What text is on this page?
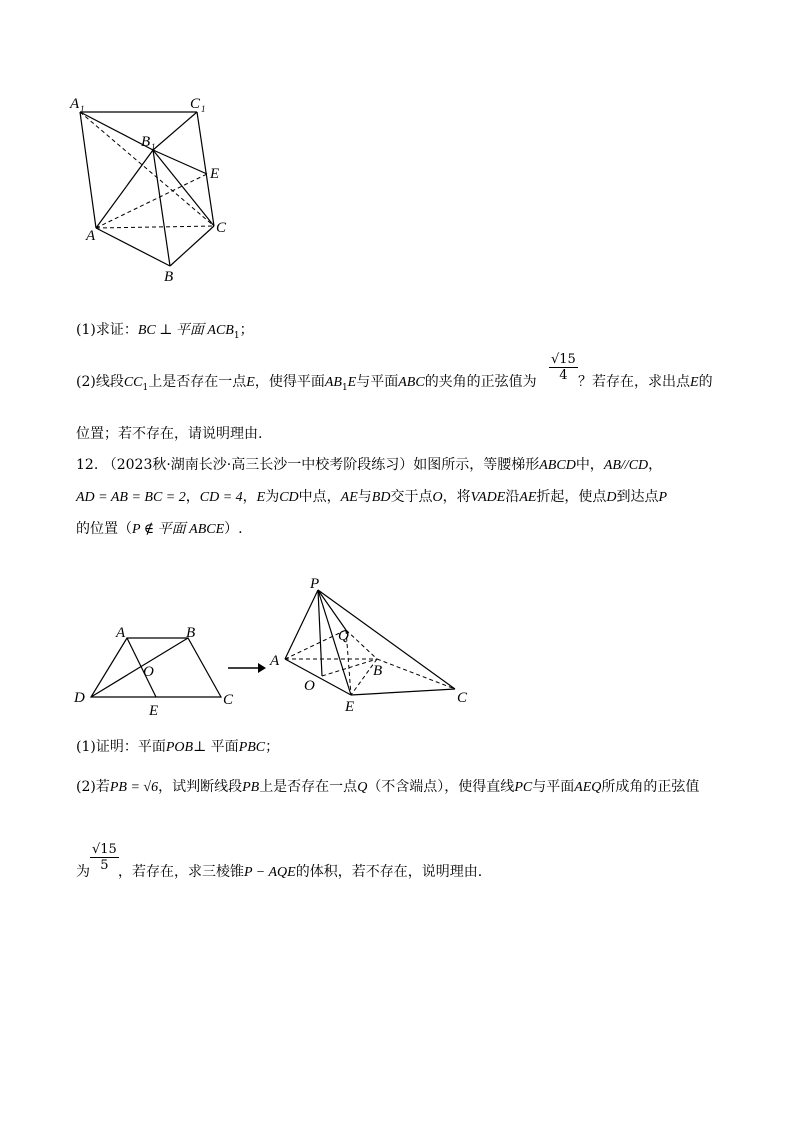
A 1	C 1
B 1
E
A	C
B
(1)求证：BC ⊥ 平面 $ACB_1$；
(2)线段$CC_1$上是否存在一点E，使得平面$AB_1E$与平面ABC的夹角的正弦值为 $\frac{√15}{4}$ ？若存在，求出点E的
位置；若不存在，请说明理由.
12. （2023秋·湖南长沙·高三长沙一中校考阶段练习）如图所示，等腰梯形ABCD中，AB//CD，
AD = AB = BC = 2，CD = 4，E为CD中点，AE与BD交于点O，将VADE沿AE折起，使点D到达点P
的位置（P ∉ 平面 ABCE）.
A	B
O
D
E
C
P
Q
A
B
O
E
C
(1)证明：平面POB⊥ 平面PBC；
(2)若PB = √6，试判断线段PB上是否存在一点Q（不含端点），使得直线PC与平面AEQ所成角的正弦值
为 $\frac{√15}{5}$ ，若存在，求三棱锥P − AQE的体积，若不存在，说明理由.
